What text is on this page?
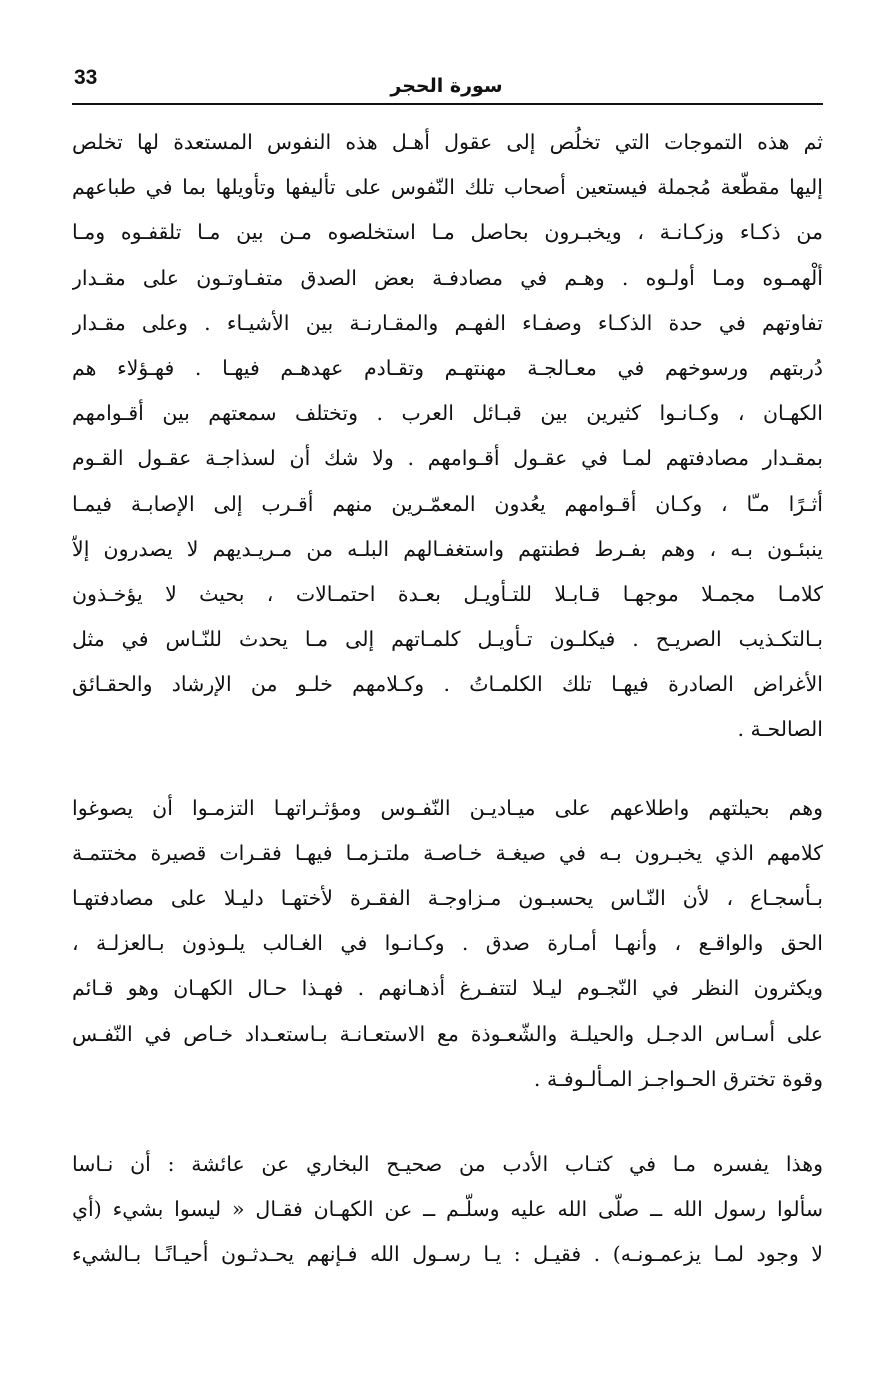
33	سورة الحجر
ثم هذه التموجات التي تخلُص إلى عقول أهـل هذه النفوس المستعدة لها تخلص
إليها مقطّعة مُجملة فيستعين أصحاب تلك النّفوس على تأليفها وتأويلها بما في طباعهم
من ذكـاء وزكـانـة ، ويخبـرون بحاصل مـا استخلصوه مـن بين مـا تلقفـوه ومـا
ألْهمـوه ومـا أولـوه . وهـم في مصادفـة بعض الصدق متفـاوتـون على مقـدار
تفاوتهم في حدة الذكـاء وصفـاء الفهـم والمقـارنـة بين الأشيـاء . وعلى مقـدار
دُربتهم ورسوخهم في معـالجـة مهنتهـم وتقـادم عهدهـم فيهـا . فهـؤلاء هم
الكهـان ، وكـانـوا كثيرين بين قبـائل العرب . وتختلف سمعتهم بين أقـوامهم
بمقـدار مصادفتهم لمـا في عقـول أقـوامهم . ولا شك أن لسذاجـة عقـول القـوم
أثـرًا مـّا ، وكـان أقـوامهم يعُدون المعمّـرين منهم أقـرب إلى الإصابـة فيمـا
ينبئـون بـه ، وهم بفـرط فطنتهم واستغفـالهم البلـه من مـريـديهم لا يصدرون إلاّ
كلامـا مجمـلا موجهـا قـابـلا للتـأويـل بعـدة احتمـالات ، بحيث لا يؤخـذون
بـالتكـذيب الصريـح . فيكلـون تـأويـل كلمـاتهم إلى مـا يحدث للنّـاس في مثل
الأغراض الصادرة فيهـا تلك الكلمـاتُ . وكـلامهم خلـو من الإرشاد والحقـائق
الصالحـة .
وهم بحيلتهم واطلاعهم على ميـاديـن النّفـوس ومؤثـراتهـا التزمـوا أن يصوغوا
كلامهم الذي يخبـرون بـه في صيغـة خـاصـة ملتـزمـا فيهـا فقـرات قصيرة مختتمـة
بـأسجـاع ، لأن النّـاس يحسبـون مـزاوجـة الفقـرة لأختهـا دليـلا على مصادفتهـا
الحق والواقـع ، وأنهـا أمـارة صدق . وكـانـوا في الغـالب يلـوذون بـالعزلـة ،
ويكثرون النظر في النّجـوم ليـلا لتتفـرغ أذهـانهم . فهـذا حـال الكهـان وهو قـائم
على أسـاس الدجـل والحيلـة والشّعـوذة مع الاستعـانـة بـاستعـداد خـاص في النّفـس
وقوة تخترق الحـواجـز المـألـوفـة .
وهذا يفسره مـا في كتـاب الأدب من صحيـح البخاري عن عائشة : أن نـاسا
سألوا رسول الله ــ صلّى الله عليه وسلّـم ــ عن الكهـان فقـال « ليسوا بشيء (أي
لا وجود لمـا يزعمـونـه) . فقيـل : يـا رسـول الله فـإنهم يحـدثـون أحيـانًـا بـالشيء
